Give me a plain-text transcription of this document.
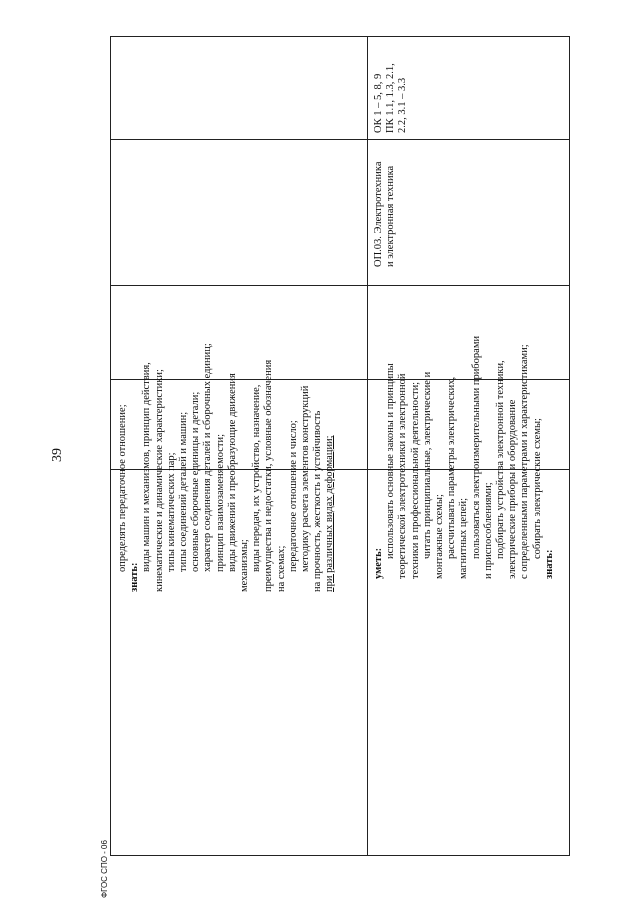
39	определять передаточное отношение;
знать:
виды машин и механизмов, принцип действия, кинематические и динамические характеристики; типы кинематических пар; типы соединений деталей и машин; основные сборочные единицы и детали; характер соединения деталей и сборочных единиц; принцип взаимозаменяемости; виды движений и преобразующие движения механизмы; виды передач, их устройство, назначение, преимущества и недостатки, условные обозначения на схемах; передаточное отношение и число; методику расчета элементов конструкций на прочность, жесткость и устойчивость при различных видах деформации;	уметь:
использовать основные законы и принципы теоретической электротехники и электронной техники в профессиональной деятельности; читать принципиальные, электрические и монтажные схемы; рассчитывать параметры электрических, магнитных цепей; пользоваться электроизмерительными приборами и приспособлениями; подбирать устройства электронной техники, электрические приборы и оборудование с определенными параметрами и характеристиками; собирать электрические схемы;
знать:
ОП.03. Электротехника и электронная техника
ОК 1 – 5, 8, 9 ПК 1.1, 1.3, 2.1, 2.2, 3.1 – 3.3
ФГОС СПО - 06
